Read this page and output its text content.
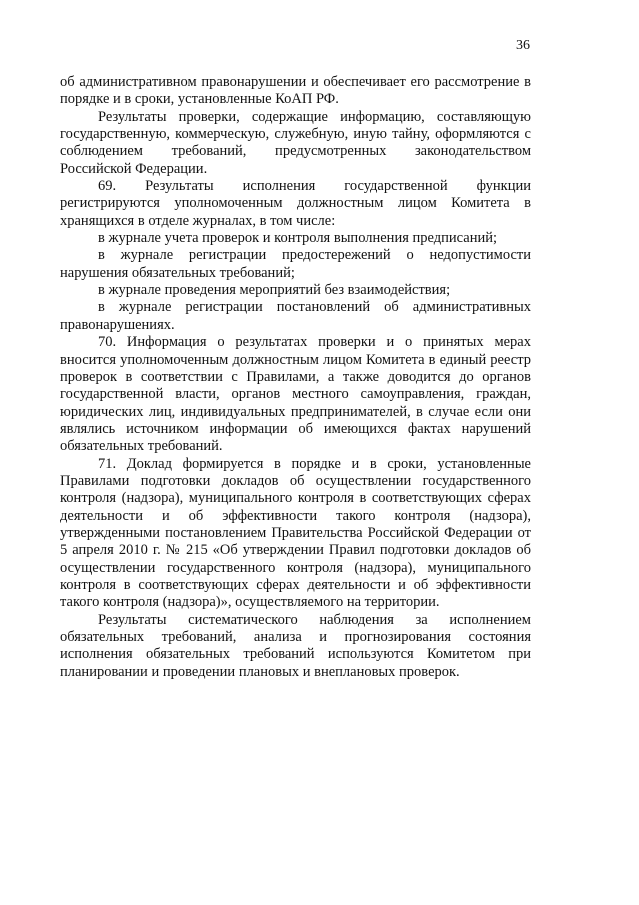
36

об административном правонарушении и обеспечивает его рассмотрение в порядке и в сроки, установленные КоАП РФ.

Результаты проверки, содержащие информацию, составляющую государственную, коммерческую, служебную, иную тайну, оформляются с соблюдением требований, предусмотренных законодательством Российской Федерации.

69. Результаты исполнения государственной функции регистрируются уполномоченным должностным лицом Комитета в хранящихся в отделе журналах, в том числе:

в журнале учета проверок и контроля выполнения предписаний;

в журнале регистрации предостережений о недопустимости нарушения обязательных требований;

в журнале проведения мероприятий без взаимодействия;

в журнале регистрации постановлений об административных правонарушениях.

70. Информация о результатах проверки и о принятых мерах вносится уполномоченным должностным лицом Комитета в единый реестр проверок в соответствии с Правилами, а также доводится до органов государственной власти, органов местного самоуправления, граждан, юридических лиц, индивидуальных предпринимателей, в случае если они являлись источником информации об имеющихся фактах нарушений обязательных требований.

71. Доклад формируется в порядке и в сроки, установленные Правилами подготовки докладов об осуществлении государственного контроля (надзора), муниципального контроля в соответствующих сферах деятельности и об эффективности такого контроля (надзора), утвержденными постановлением Правительства Российской Федерации от 5 апреля 2010 г. № 215 «Об утверждении Правил подготовки докладов об осуществлении государственного контроля (надзора), муниципального контроля в соответствующих сферах деятельности и об эффективности такого контроля (надзора)», осуществляемого на территории.

Результаты систематического наблюдения за исполнением обязательных требований, анализа и прогнозирования состояния исполнения обязательных требований используются Комитетом при планировании и проведении плановых и внеплановых проверок.
